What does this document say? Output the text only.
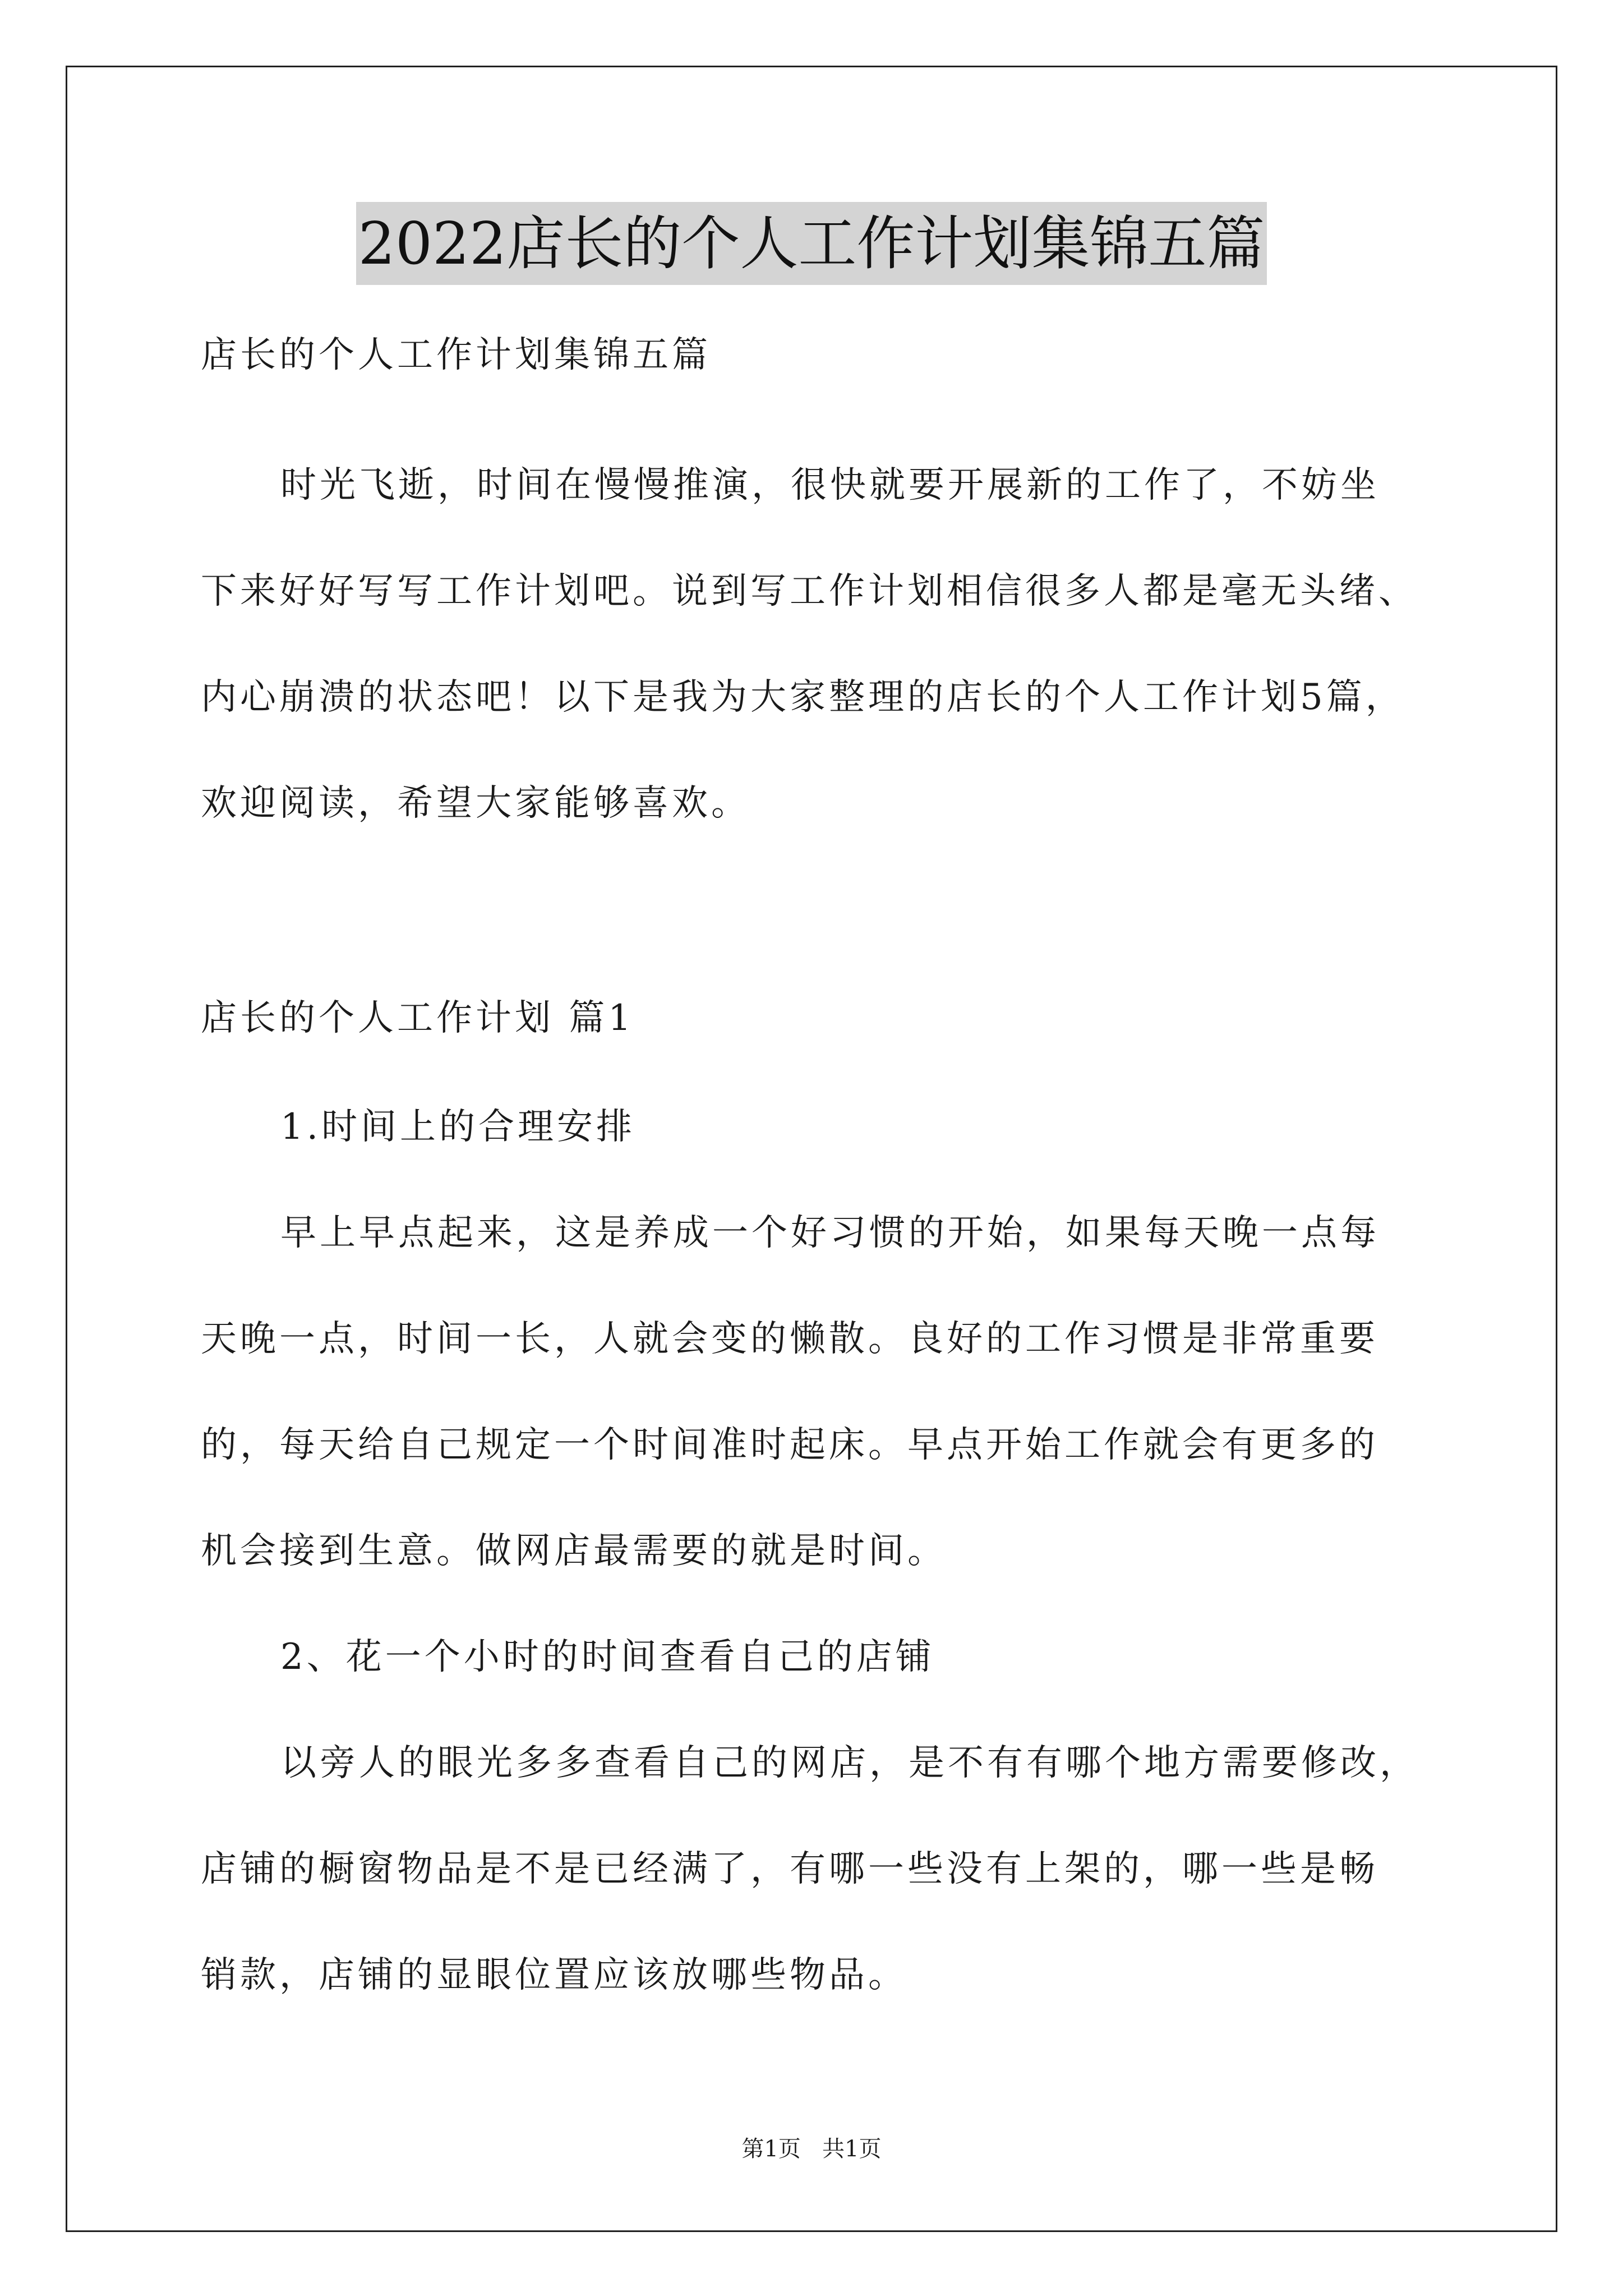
2022店长的个人工作计划集锦五篇
店长的个人工作计划集锦五篇
时光飞逝，时间在慢慢推演，很快就要开展新的工作了，不妨坐
下来好好写写工作计划吧。说到写工作计划相信很多人都是毫无头绪、
内心崩溃的状态吧！以下是我为大家整理的店长的个人工作计划5篇，
欢迎阅读，希望大家能够喜欢。
店长的个人工作计划 篇1
1.时间上的合理安排
早上早点起来，这是养成一个好习惯的开始，如果每天晚一点每
天晚一点，时间一长，人就会变的懒散。良好的工作习惯是非常重要
的，每天给自己规定一个时间准时起床。早点开始工作就会有更多的
机会接到生意。做网店最需要的就是时间。
2、花一个小时的时间查看自己的店铺
以旁人的眼光多多查看自己的网店，是不有有哪个地方需要修改，
店铺的橱窗物品是不是已经满了，有哪一些没有上架的，哪一些是畅
销款，店铺的显眼位置应该放哪些物品。
第1页   共1页
